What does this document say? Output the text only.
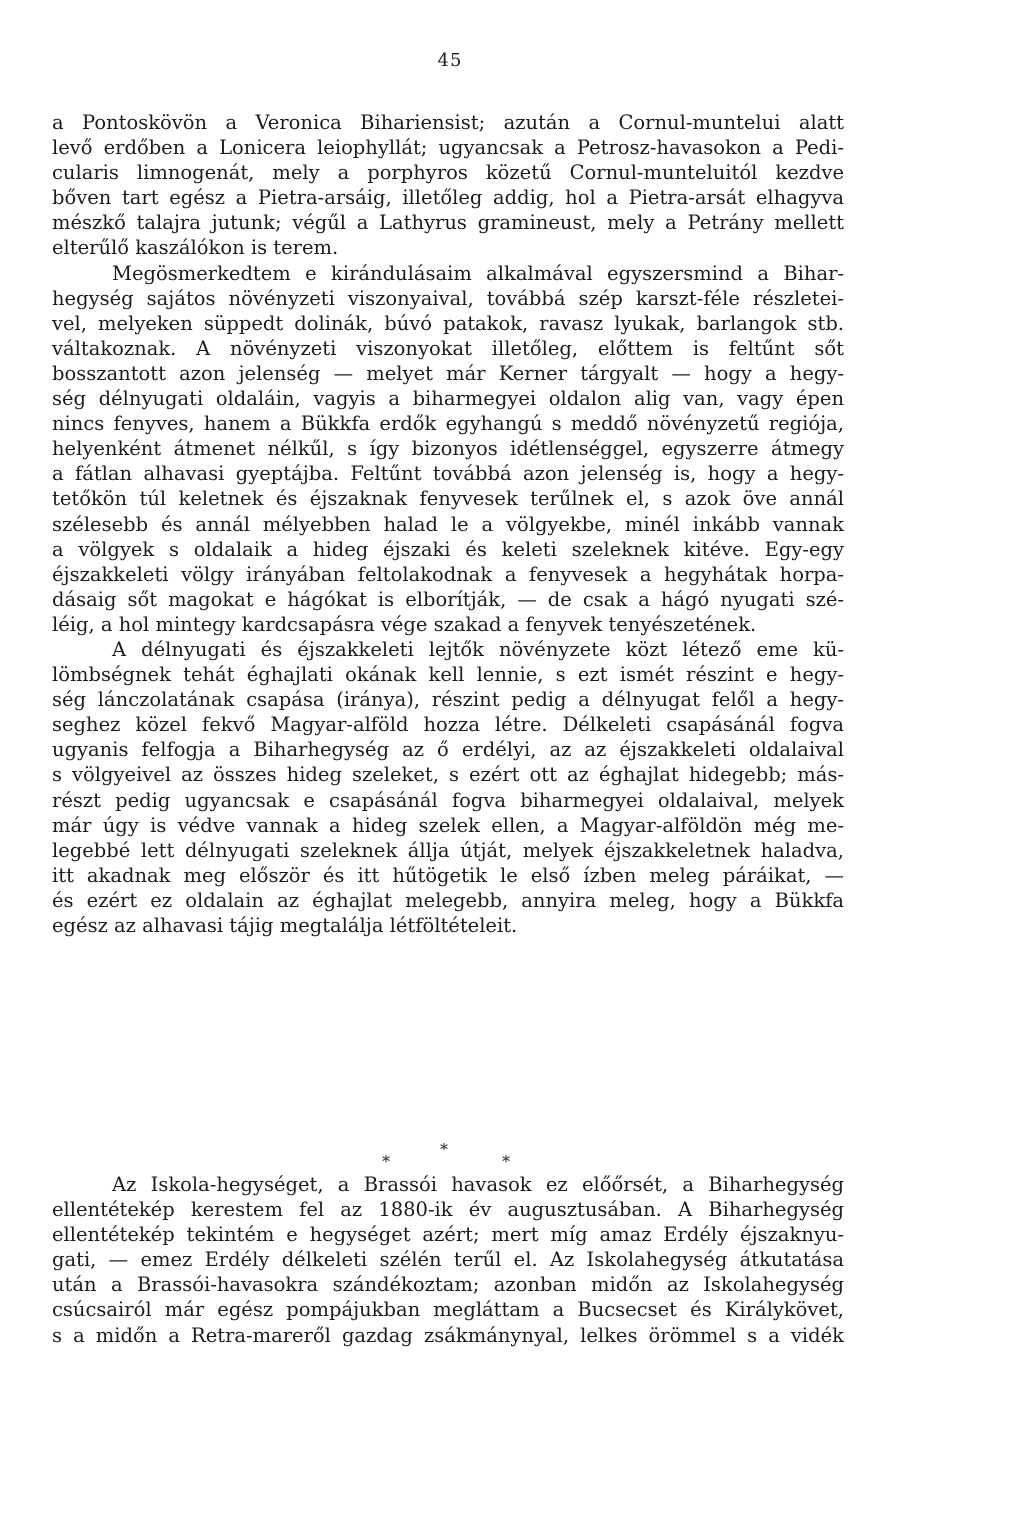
45
a Pontoskövön a Veronica Bihariensist; azután a Cornul-muntelui alatt
levő erdőben a Lonicera leiophyllát; ugyancsak a Petrosz-havasokon a Pedi-
cularis limnogenát, mely a porphyros közetű Cornul-munteluitól kezdve
bőven tart egész a Pietra-arsáig, illetőleg addig, hol a Pietra-arsát elhagyva
mészkő talajra jutunk; végűl a Lathyrus gramineust, mely a Petrány mellett
elterűlő kaszálókon is terem.
Megösmerkedtem e kirándulásaim alkalmával egyszersmind a Bihar-
hegység sajátos növényzeti viszonyaival, továbbá szép karszt-féle részletei-
vel, melyeken süppedt dolinák, búvó patakok, ravasz lyukak, barlangok stb.
váltakoznak. A növényzeti viszonyokat illetőleg, előttem is feltűnt sőt
bosszantott azon jelenség — melyet már Kerner tárgyalt — hogy a hegy-
ség délnyugati oldaláin, vagyis a biharmegyei oldalon alig van, vagy épen
nincs fenyves, hanem a Bükkfa erdők egyhangú s meddő növényzetű regiója,
helyenként átmenet nélkűl, s így bizonyos idétlenséggel, egyszerre átmegy
a fátlan alhavasi gyeptájba. Feltűnt továbbá azon jelenség is, hogy a hegy-
tetőkön túl keletnek és éjszaknak fenyvesek terűlnek el, s azok öve annál
szélesebb és annál mélyebben halad le a völgyekbe, minél inkább vannak
a völgyek s oldalaik a hideg éjszaki és keleti szeleknek kitéve. Egy-egy
éjszakkeleti völgy irányában feltolakodnak a fenyvesek a hegyhátak horpa-
dásaig sőt magokat e hágókat is elborítják, — de csak a hágó nyugati szé-
léig, a hol mintegy kardcsapásra vége szakad a fenyvek tenyészetének.
A délnyugati és éjszakkeleti lejtők növényzete közt létező eme kü-
lömbségnek tehát éghajlati okának kell lennie, s ezt ismét részint e hegy-
ség lánczolatának csapása (iránya), részint pedig a délnyugat felől a hegy-
seghez közel fekvő Magyar-alföld hozza létre. Délkeleti csapásánál fogva
ugyanis felfogja a Biharhegység az ő erdélyi, az az éjszakkeleti oldalaival
s völgyeivel az összes hideg szeleket, s ezért ott az éghajlat hidegebb; más-
részt pedig ugyancsak e csapásánál fogva biharmegyei oldalaival, melyek
már úgy is védve vannak a hideg szelek ellen, a Magyar-alföldön még me-
legebbé lett délnyugati szeleknek állja útját, melyek éjszakkeletnek haladva,
itt akadnak meg először és itt hűtögetik le első ízben meleg páráikat, —
és ezért ez oldalain az éghajlat melegebb, annyira meleg, hogy a Bükkfa
egész az alhavasi tájig megtalálja létföltételeit.
*
*	*
Az Iskola-hegységet, a Brassói havasok ez előőrsét, a Biharhegység
ellentétekép kerestem fel az 1880-ik év augusztusában. A Biharhegység
ellentétekép tekintém e hegységet azért; mert míg amaz Erdély éjszaknyu-
gati, — emez Erdély délkeleti szélén terűl el. Az Iskolahegység átkutatása
után a Brassói-havasokra szándékoztam; azonban midőn az Iskolahegység
csúcsairól már egész pompájukban megláttam a Bucsecset és Királykövet,
s a midőn a Retra-mareről gazdag zsákmánynyal, lelkes örömmel s a vidék
